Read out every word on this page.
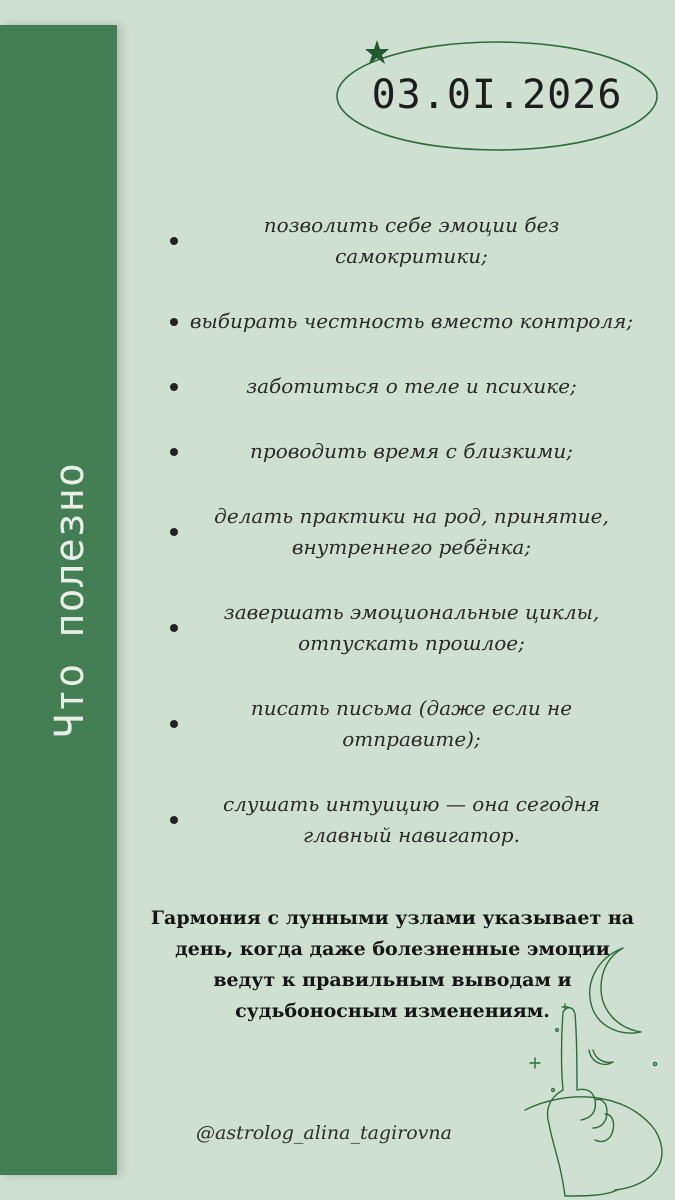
Что полезно
03.0I.2026
позволить себе эмоции без самокритики;
выбирать честность вместо контроля;
заботиться о теле и психике;
проводить время с близкими;
делать практики на род, принятие, внутреннего ребёнка;
завершать эмоциональные циклы, отпускать прошлое;
писать письма (даже если не отправите);
слушать интуицию — она сегодня главный навигатор.
Гармония с лунными узлами указывает на день, когда даже болезненные эмоции ведут к правильным выводам и судьбоносным изменениям.
@astrolog_alina_tagirovna
